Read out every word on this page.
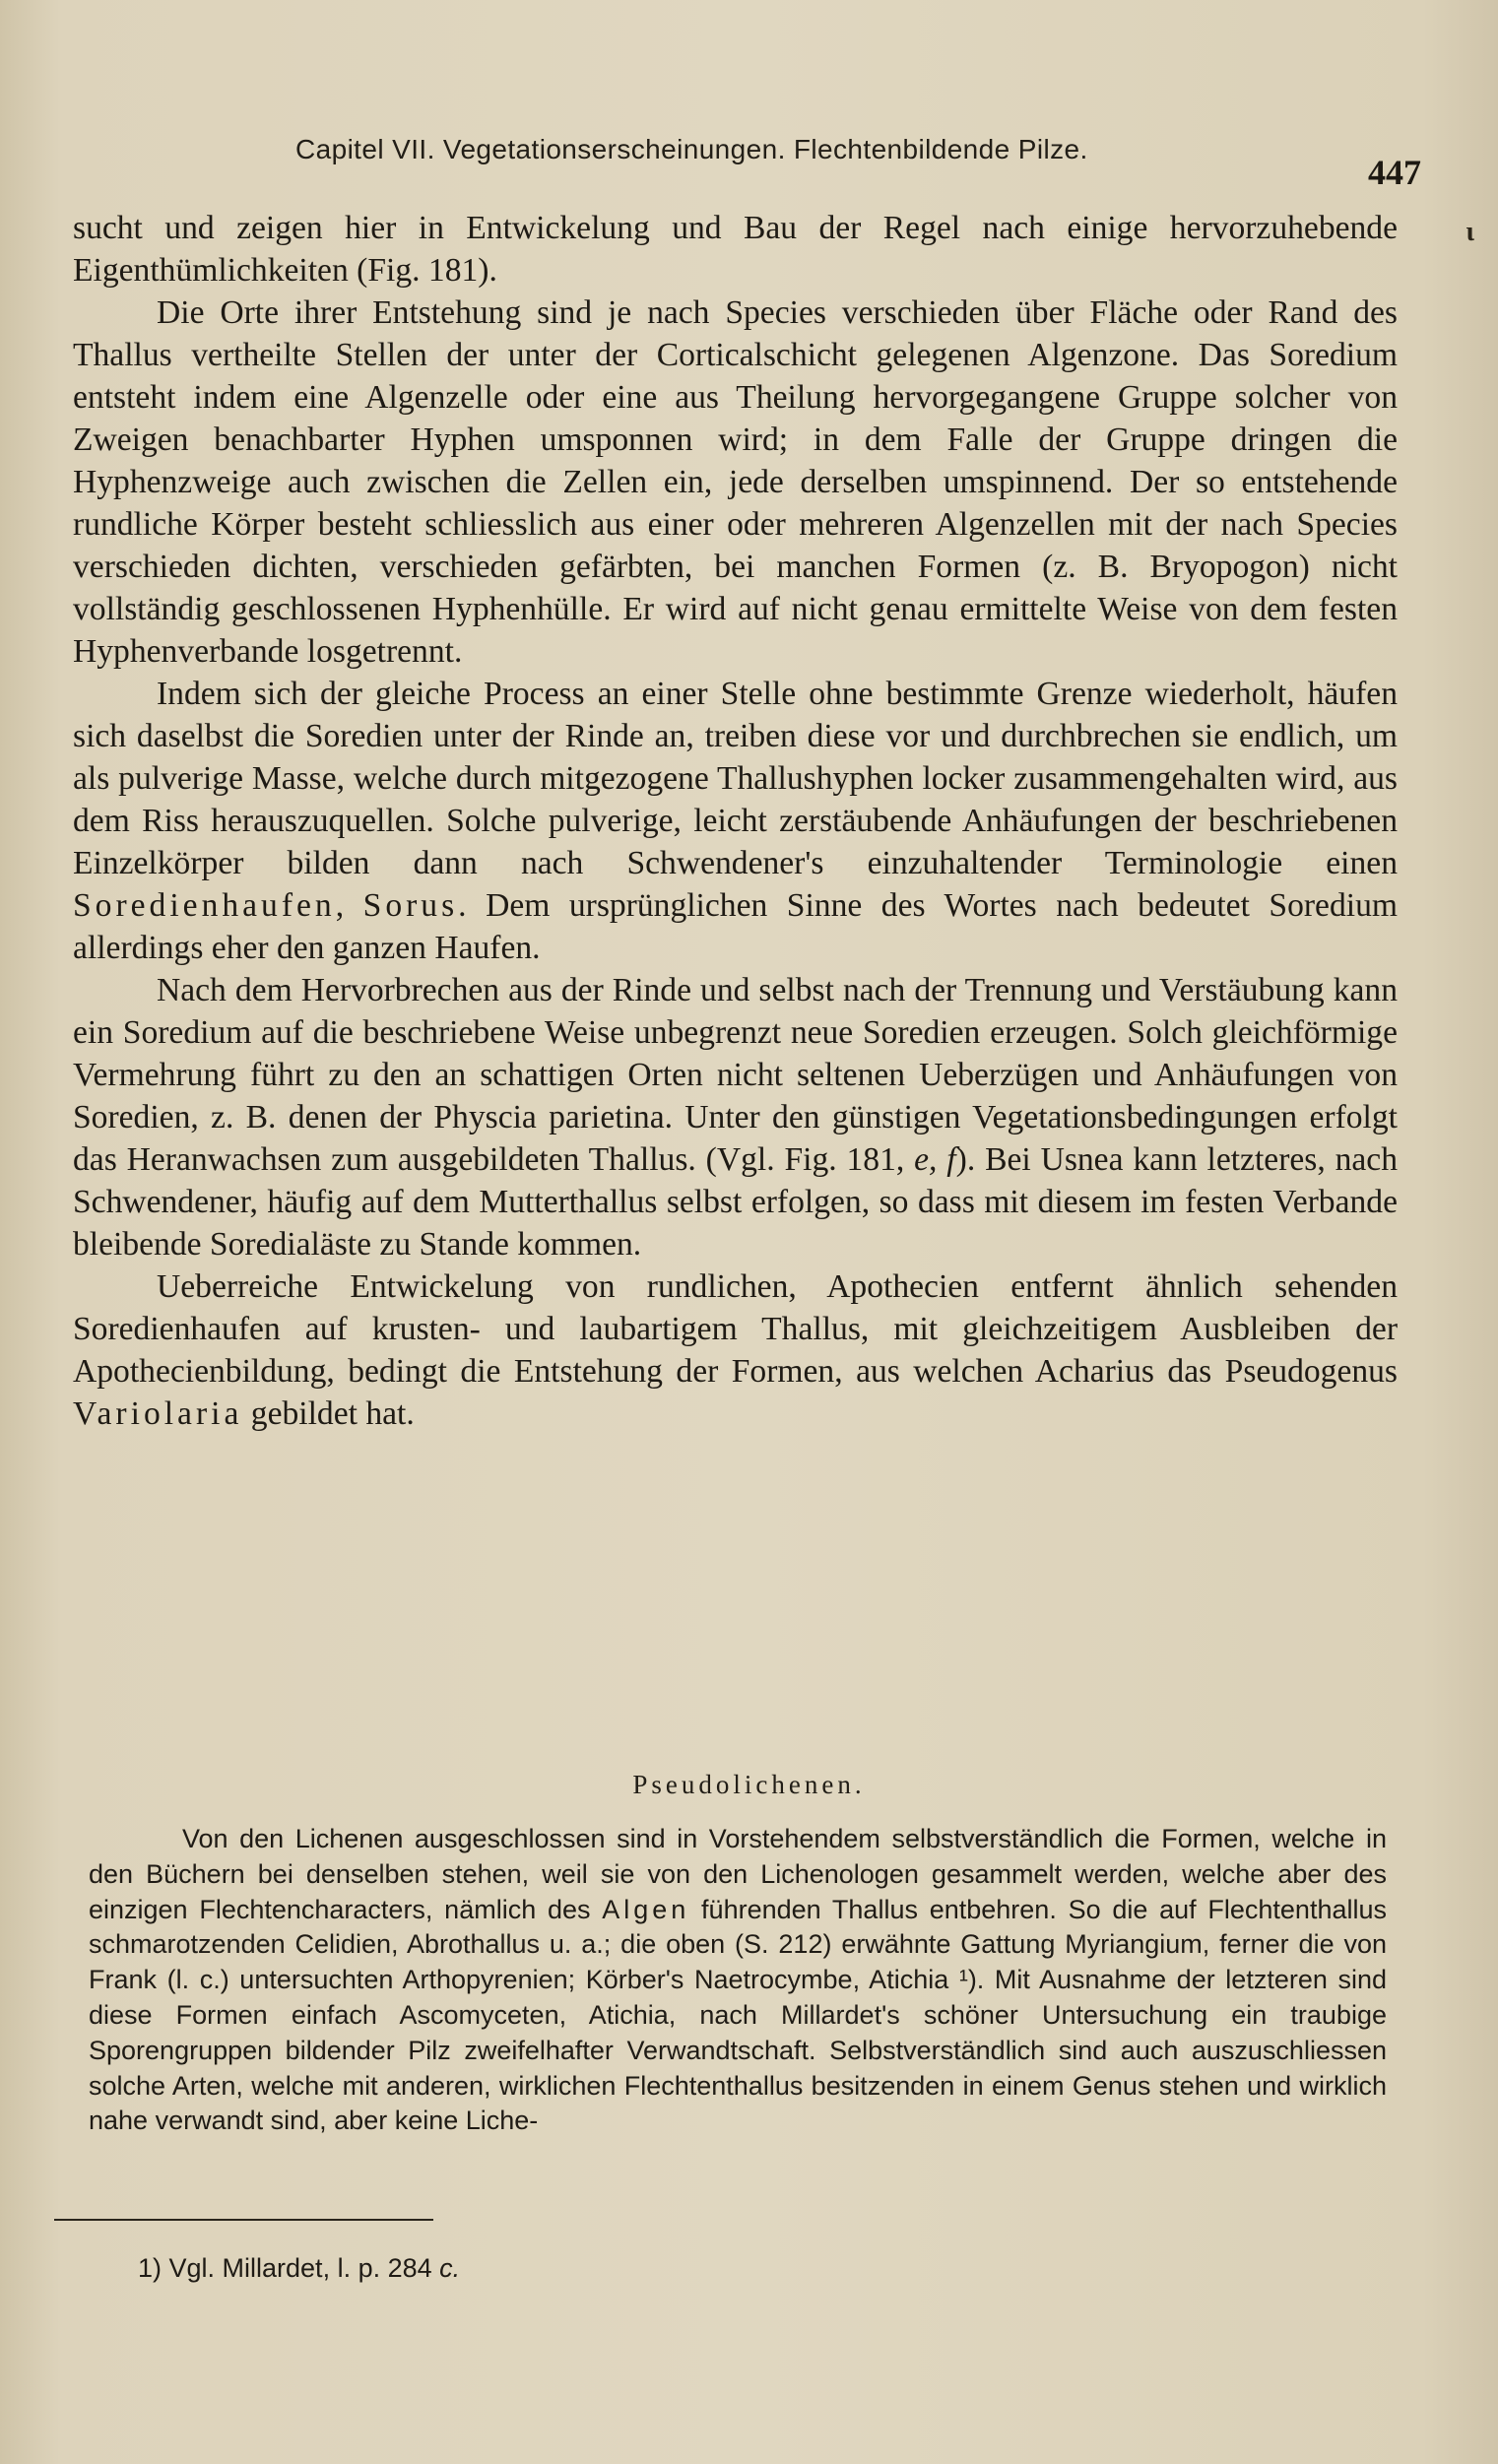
Capitel VII. Vegetationserscheinungen. Flechtenbildende Pilze.
447
ɩ

sucht und zeigen hier in Entwickelung und Bau der Regel nach einige hervorzuhebende Eigenthümlichkeiten (Fig. 181).

Die Orte ihrer Entstehung sind je nach Species verschieden über Fläche oder Rand des Thallus vertheilte Stellen der unter der Corticalschicht gelegenen Algenzone. Das Soredium entsteht indem eine Algenzelle oder eine aus Theilung hervorgegangene Gruppe solcher von Zweigen benachbarter Hyphen umsponnen wird; in dem Falle der Gruppe dringen die Hyphenzweige auch zwischen die Zellen ein, jede derselben umspinnend. Der so entstehende rundliche Körper besteht schliesslich aus einer oder mehreren Algenzellen mit der nach Species verschieden dichten, verschieden gefärbten, bei manchen Formen (z. B. Bryopogon) nicht vollständig geschlossenen Hyphenhülle. Er wird auf nicht genau ermittelte Weise von dem festen Hyphenverbande losgetrennt.

Indem sich der gleiche Process an einer Stelle ohne bestimmte Grenze wiederholt, häufen sich daselbst die Soredien unter der Rinde an, treiben diese vor und durchbrechen sie endlich, um als pulverige Masse, welche durch mitgezogene Thallushyphen locker zusammengehalten wird, aus dem Riss herauszuquellen. Solche pulverige, leicht zerstäubende Anhäufungen der beschriebenen Einzelkörper bilden dann nach Schwendener's einzuhaltender Terminologie einen Soredienhaufen, Sorus. Dem ursprünglichen Sinne des Wortes nach bedeutet Soredium allerdings eher den ganzen Haufen.

Nach dem Hervorbrechen aus der Rinde und selbst nach der Trennung und Verstäubung kann ein Soredium auf die beschriebene Weise unbegrenzt neue Soredien erzeugen. Solch gleichförmige Vermehrung führt zu den an schattigen Orten nicht seltenen Ueberzügen und Anhäufungen von Soredien, z. B. denen der Physcia parietina. Unter den günstigen Vegetationsbedingungen erfolgt das Heranwachsen zum ausgebildeten Thallus. (Vgl. Fig. 181, e, f). Bei Usnea kann letzteres, nach Schwendener, häufig auf dem Mutterthallus selbst erfolgen, so dass mit diesem im festen Verbande bleibende Soredialäste zu Stande kommen.

Ueberreiche Entwickelung von rundlichen, Apothecien entfernt ähnlich sehenden Soredienhaufen auf krusten- und laubartigem Thallus, mit gleichzeitigem Ausbleiben der Apothecienbildung, bedingt die Entstehung der Formen, aus welchen Acharius das Pseudogenus Variolaria gebildet hat.

Pseudolichenen.

Von den Lichenen ausgeschlossen sind in Vorstehendem selbstverständlich die Formen, welche in den Büchern bei denselben stehen, weil sie von den Lichenologen gesammelt werden, welche aber des einzigen Flechtencharacters, nämlich des Algen führenden Thallus entbehren. So die auf Flechtenthallus schmarotzenden Celidien, Abrothallus u. a.; die oben (S. 212) erwähnte Gattung Myriangium, ferner die von Frank (l. c.) untersuchten Arthopyrenien; Körber's Naetrocymbe, Atichia ¹). Mit Ausnahme der letzteren sind diese Formen einfach Ascomyceten, Atichia, nach Millardet's schöner Untersuchung ein traubige Sporengruppen bildender Pilz zweifelhafter Verwandtschaft. Selbstverständlich sind auch auszuschliessen solche Arten, welche mit anderen, wirklichen Flechtenthallus besitzenden in einem Genus stehen und wirklich nahe verwandt sind, aber keine Liche-

1) Vgl. Millardet, l. p. 284 c.
